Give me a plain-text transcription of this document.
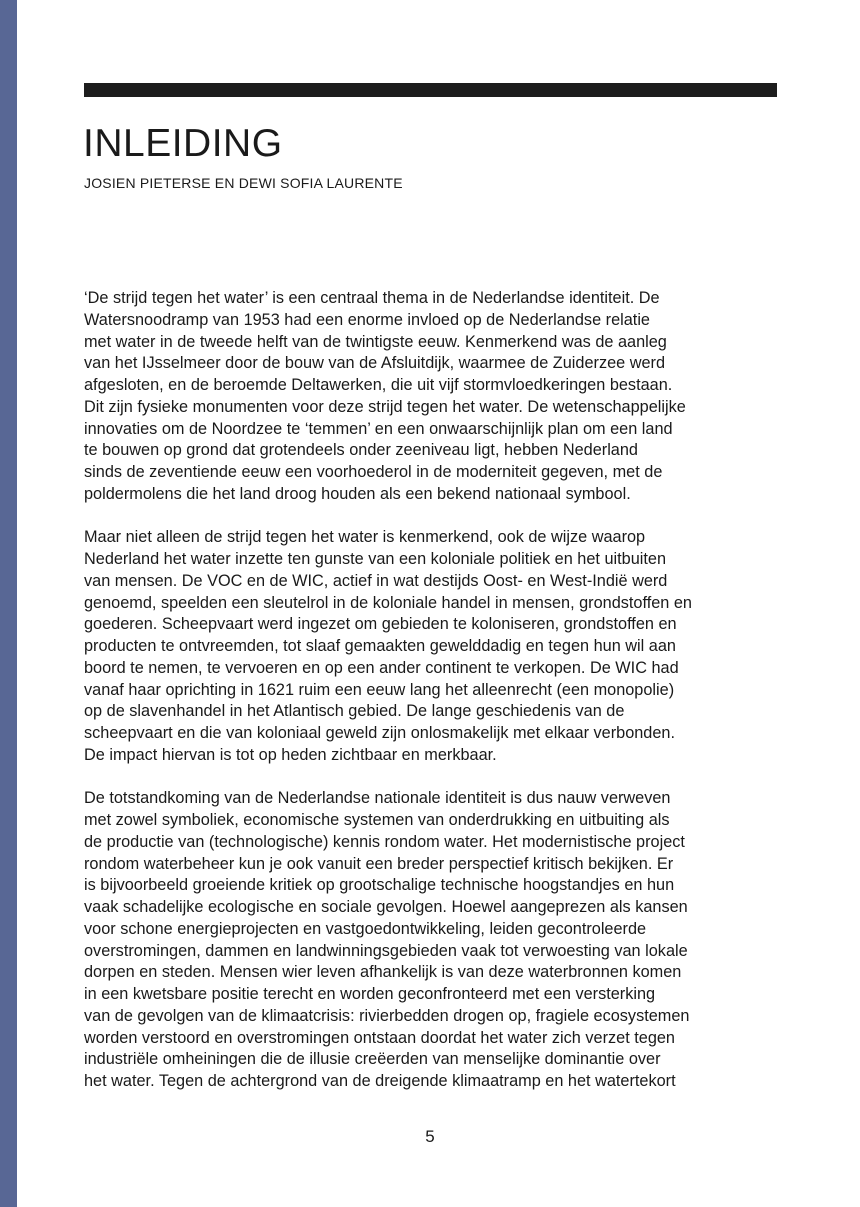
INLEIDING

JOSIEN PIETERSE EN DEWI SOFIA LAURENTE

‘De strijd tegen het water’ is een centraal thema in de Nederlandse identiteit. De
Watersnoodramp van 1953 had een enorme invloed op de Nederlandse relatie
met water in de tweede helft van de twintigste eeuw. Kenmerkend was de aanleg
van het IJsselmeer door de bouw van de Afsluitdijk, waarmee de Zuiderzee werd
afgesloten, en de beroemde Deltawerken, die uit vijf stormvloedkeringen bestaan.
Dit zijn fysieke monumenten voor deze strijd tegen het water. De wetenschappelijke
innovaties om de Noordzee te ‘temmen’ en een onwaarschijnlijk plan om een land
te bouwen op grond dat grotendeels onder zeeniveau ligt, hebben Nederland
sinds de zeventiende eeuw een voorhoederol in de moderniteit gegeven, met de
poldermolens die het land droog houden als een bekend nationaal symbool.

Maar niet alleen de strijd tegen het water is kenmerkend, ook de wijze waarop
Nederland het water inzette ten gunste van een koloniale politiek en het uitbuiten
van mensen. De VOC en de WIC, actief in wat destijds Oost- en West-Indië werd
genoemd, speelden een sleutelrol in de koloniale handel in mensen, grondstoffen en
goederen. Scheepvaart werd ingezet om gebieden te koloniseren, grondstoffen en
producten te ontvreemden, tot slaaf gemaakten gewelddadig en tegen hun wil aan
boord te nemen, te vervoeren en op een ander continent te verkopen. De WIC had
vanaf haar oprichting in 1621 ruim een eeuw lang het alleenrecht (een monopolie)
op de slavenhandel in het Atlantisch gebied. De lange geschiedenis van de
scheepvaart en die van koloniaal geweld zijn onlosmakelijk met elkaar verbonden.
De impact hiervan is tot op heden zichtbaar en merkbaar.

De totstandkoming van de Nederlandse nationale identiteit is dus nauw verweven
met zowel symboliek, economische systemen van onderdrukking en uitbuiting als
de productie van (technologische) kennis rondom water. Het modernistische project
rondom waterbeheer kun je ook vanuit een breder perspectief kritisch bekijken. Er
is bijvoorbeeld groeiende kritiek op grootschalige technische hoogstandjes en hun
vaak schadelijke ecologische en sociale gevolgen. Hoewel aangeprezen als kansen
voor schone energieprojecten en vastgoedontwikkeling, leiden gecontroleerde
overstromingen, dammen en landwinningsgebieden vaak tot verwoesting van lokale
dorpen en steden. Mensen wier leven afhankelijk is van deze waterbronnen komen
in een kwetsbare positie terecht en worden geconfronteerd met een versterking
van de gevolgen van de klimaatcrisis: rivierbedden drogen op, fragiele ecosystemen
worden verstoord en overstromingen ontstaan doordat het water zich verzet tegen
industriële omheiningen die de illusie creëerden van menselijke dominantie over
het water. Tegen de achtergrond van de dreigende klimaatramp en het watertekort

5
